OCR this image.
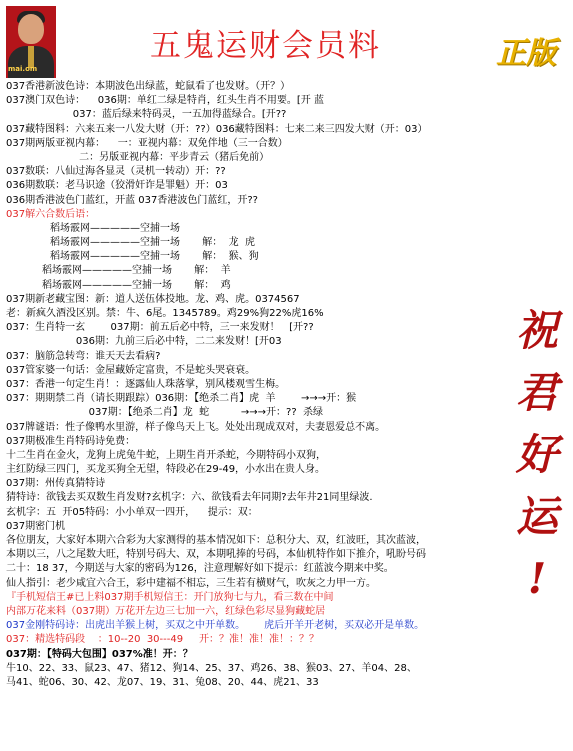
mai.om
五鬼运财会员料	正版
祝
君
好
运
!
037香港新波色诗：本期波色出绿蓝，蛇鼠看了也发财。（开？）
037澳门双色诗：    036期：单红二绿是特肖，红头生肖不用要。[开 蓝
037：蓝后绿来特码灵，一五加得蓝绿合。[开??
037藏特图料：六来五来一八发大财（开：??）036藏特图料：七来二来三四发大财（开：03）
037期两版亚视内幕：    一：亚视内幕：双免伴地（三一合数）
二：另版亚视内幕：平步青云（猪后免前）
037数联：八仙过海各显灵（灵机一转动）开：??
036期数联：老马识途（狡滑奸诈是罪魁）开：03
036期香港波色门蓝红，开蓝 037香港波色门蓝红，开??
037解六合数后语：
稻场霰网—————空捕一场
稻场霰网—————空捕一场       解：  龙  虎
稻场霰网—————空捕一场       解：  猴、狗
稻场霰网—————空捕一场       解：  羊
稻场霰网—————空捕一场       解：  鸡
037期新老藏宝图：新：道人送伍体投地。龙、鸡、虎。0374567
老：新疯久酒没区别。禁：牛、6尾。1345789。鸡29%狗22%虎16%
037：生肖特一玄        037期：前五后必中特，三一来发财！   [开??
036期：九前三后必中特，二二来发财！[开03
037：脑筋急转弯：谁天天去看病?
037管家婆一句话：金屋藏娇定富贵，不是蛇头哭衰衰。
037：香港一句定生肖！：逐露仙人珠落掌，别风楼观雪生梅。
037：期期禁二肖（请长期跟踪）036期：【绝杀二肖】虎  羊        →→→开：猴
037期：【绝杀二肖】龙  蛇          →→→开：??  杀绿
037牌谜语：性子像鸭水里游，样子像鸟天上飞。处处出现成双对，夫妻恩爱总不离。
037期极准生肖特码诗免费：
十二生肖在金火，龙狗上虎兔牛蛇，上期生肖开杀蛇，今期特码小双狗，
主红防绿三四门，买龙买狗全无望，特段必在29-49，小水出在贵人身。
037期：州传真猜特诗
猜特诗：欲钱去买双数生肖发财?玄机字：六、欲钱看去年同期?去年井21同里绿波.
玄机字：五  开05特码：小小单双一四开，    提示：双：
037期密门机
各位朋友，大家好本期六合彩为大家测得的基本情况如下：总积分大、双，红波旺，其次蓝波，
本期以三，八之尾数大旺，特别号码大、双，本期吼捧的号码，本仙机特作如下推介，吼盼号码
二十：18 37，今期送与大家的密码为126，注意理解好如下提示：红蓝波今期来中奖。
仙人指引：老少咸宜六合王，彩中建福不相忘，三生若有横财气，吹灰之力甲一方。
『手机短信王#已上料037期手机短信王：开门放狗七与九，看三数在中间
内部万花来料（037期）万花开左边三七加一六，红绿色彩尽显狗藏蛇居
037金刚特码诗：出虎出羊猴上树，买双之中开单数。      虎后开羊开老树，买双必开是单数。
037：精选特码段    ：10--20  30---49     开：？准！准！准！：？？
037期：【特码大包围】037%准！开：？
牛10、22、33、鼠23、47、猪12、狗14、25、37、鸡26、38、猴03、27、羊04、28、
马41、蛇06、30、42、龙07、19、31、兔08、20、44、虎21、33
